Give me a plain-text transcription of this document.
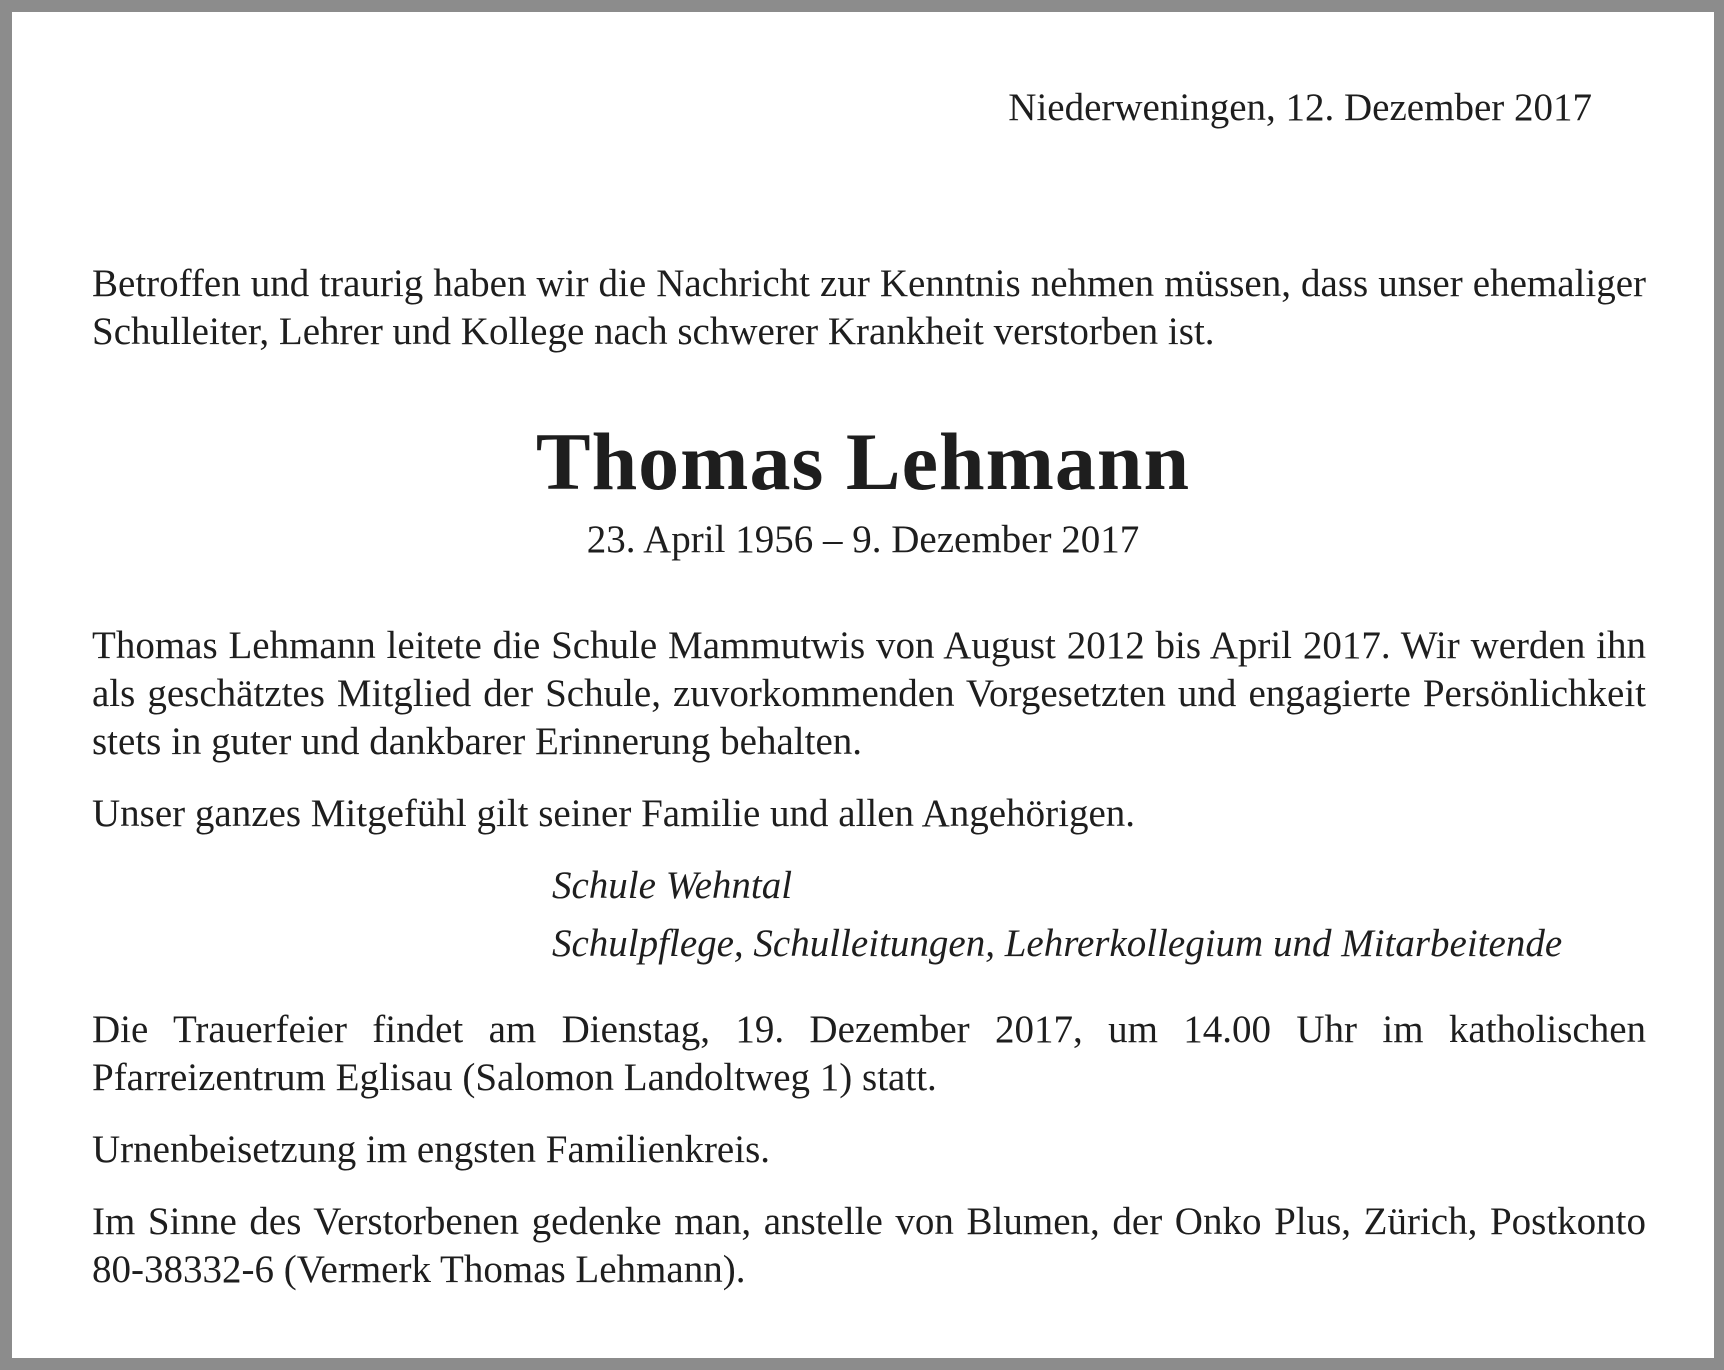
Niederweningen, 12. Dezember 2017

Betroffen und traurig haben wir die Nachricht zur Kenntnis nehmen müssen, dass unser ehemaliger Schulleiter, Lehrer und Kollege nach schwerer Krankheit verstorben ist.

Thomas Lehmann
23. April 1956 – 9. Dezember 2017

Thomas Lehmann leitete die Schule Mammutwis von August 2012 bis April 2017. Wir werden ihn als geschätztes Mitglied der Schule, zuvorkommenden Vorgesetzten und engagierte Persönlichkeit stets in guter und dankbarer Erinnerung behalten.

Unser ganzes Mitgefühl gilt seiner Familie und allen Angehörigen.

Schule Wehntal
Schulpflege, Schulleitungen, Lehrerkollegium und Mitarbeitende

Die Trauerfeier findet am Dienstag, 19. Dezember 2017, um 14.00 Uhr im katholischen Pfarreizentrum Eglisau (Salomon Landoltweg 1) statt.

Urnenbeisetzung im engsten Familienkreis.

Im Sinne des Verstorbenen gedenke man, anstelle von Blumen, der Onko Plus, Zürich, Postkonto 80-38332-6 (Vermerk Thomas Lehmann).
